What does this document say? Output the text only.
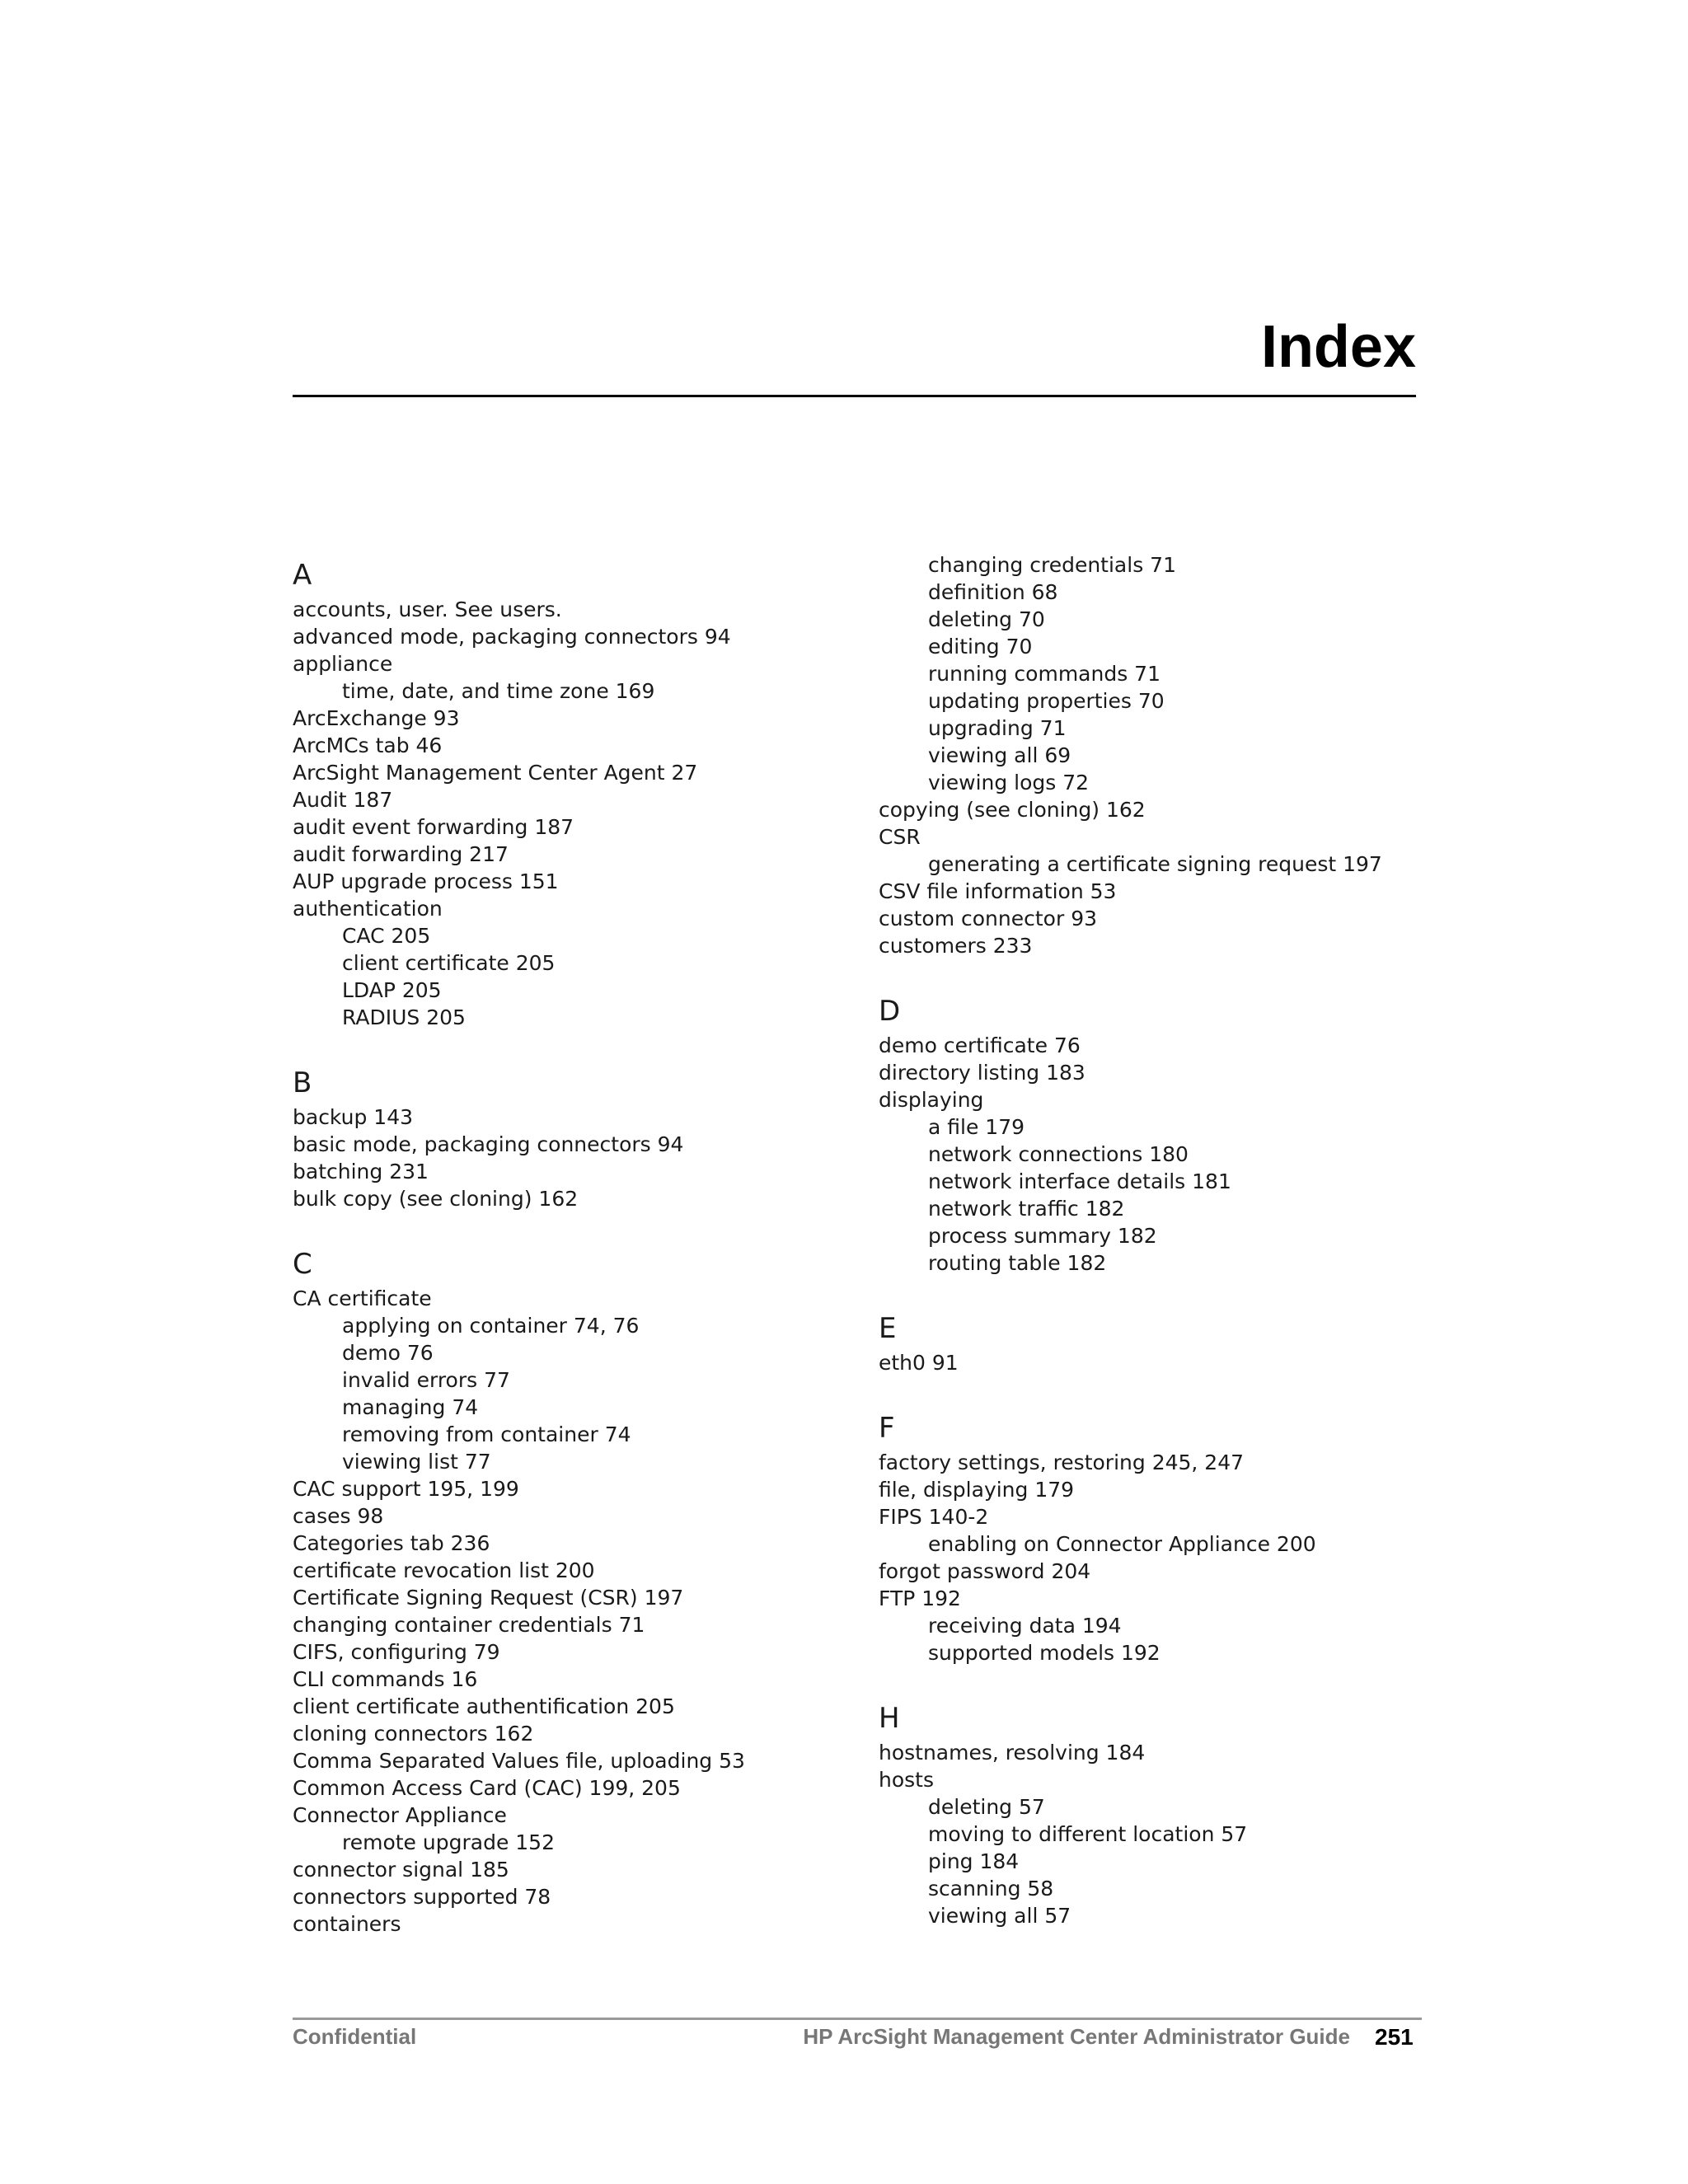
Index
A
accounts, user. See users.
advanced mode, packaging connectors 94
appliance
time, date, and time zone 169
ArcExchange 93
ArcMCs tab 46
ArcSight Management Center Agent 27
Audit 187
audit event forwarding 187
audit forwarding 217
AUP upgrade process 151
authentication
CAC 205
client certificate 205
LDAP 205
RADIUS 205
B
backup 143
basic mode, packaging connectors 94
batching 231
bulk copy (see cloning) 162
C
CA certificate
applying on container 74, 76
demo 76
invalid errors 77
managing 74
removing from container 74
viewing list 77
CAC support 195, 199
cases 98
Categories tab 236
certificate revocation list 200
Certificate Signing Request (CSR) 197
changing container credentials 71
CIFS, configuring 79
CLI commands 16
client certificate authentification 205
cloning connectors 162
Comma Separated Values file, uploading 53
Common Access Card (CAC) 199, 205
Connector Appliance
remote upgrade 152
connector signal 185
connectors supported 78
containers
changing credentials 71
definition 68
deleting 70
editing 70
running commands 71
updating properties 70
upgrading 71
viewing all 69
viewing logs 72
copying (see cloning) 162
CSR
generating a certificate signing request 197
CSV file information 53
custom connector 93
customers 233
D
demo certificate 76
directory listing 183
displaying
a file 179
network connections 180
network interface details 181
network traffic 182
process summary 182
routing table 182
E
eth0 91
F
factory settings, restoring 245, 247
file, displaying 179
FIPS 140-2
enabling on Connector Appliance 200
forgot password 204
FTP 192
receiving data 194
supported models 192
H
hostnames, resolving 184
hosts
deleting 57
moving to different location 57
ping 184
scanning 58
viewing all 57
Confidential	HP ArcSight Management Center Administrator Guide 251
